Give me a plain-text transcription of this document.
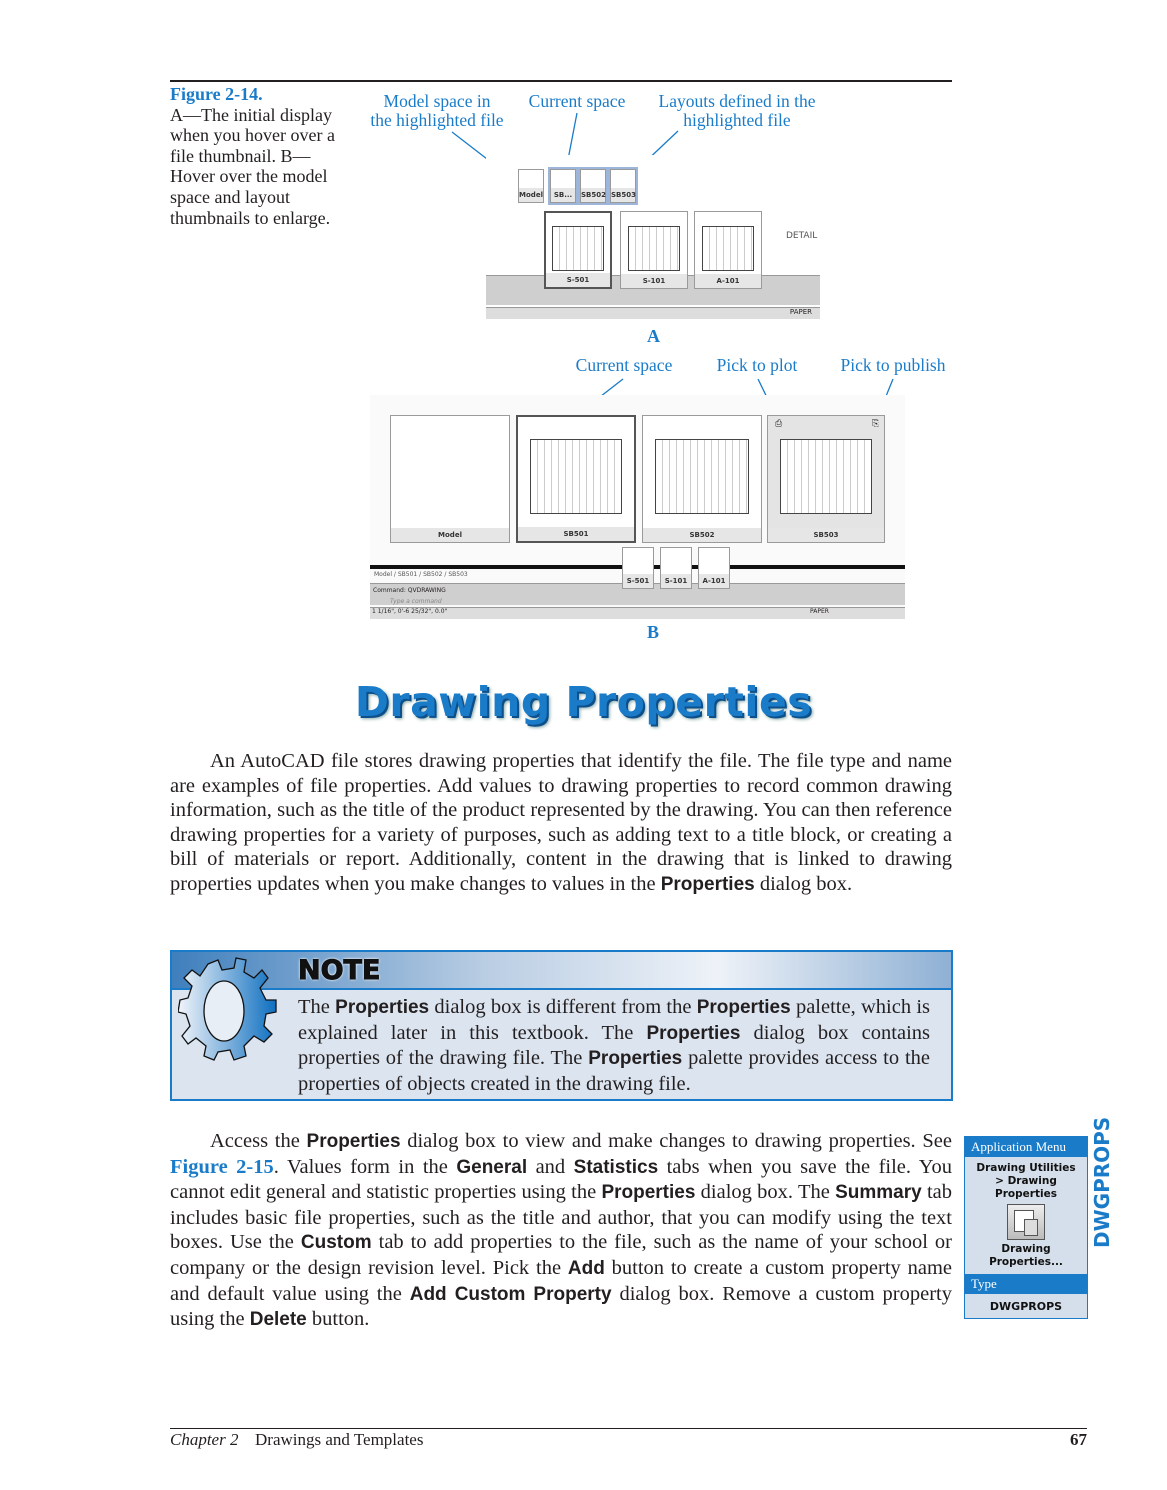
Figure 2-14.
A—The initial display when you hover over a file thumbnail. B—Hover over the model space and layout thumbnails to enlarge.
Model space in
the highlighted file
Current space	Layouts defined in the
highlighted file
Model	SB...	SB502 SB503
DETAIL
S-501	S-101	A-101
PAPER
A
Current space	Pick to plot	Pick to publish
Model	SB501	SB502	SB503
⎙	⎘
Model / SB501 / SB502 / SB503
Command: QVDRAWING
Type a command
S-501	S-101	A-101
1 1/16", 0'-6 25/32", 0.0"	PAPER
B
Drawing Properties
An AutoCAD file stores drawing properties that identify the file. The file type and name are examples of file properties. Add values to drawing properties to record common drawing information, such as the title of the product represented by the drawing. You can then reference drawing properties for a variety of purposes, such as adding text to a title block, or creating a bill of materials or report. Additionally, content in the drawing that is linked to drawing properties updates when you make changes to values in the Properties dialog box.
NOTE
The Properties dialog box is different from the Properties palette, which is explained later in this textbook. The Properties dialog box contains properties of the drawing file. The Properties palette provides access to the properties of objects created in the drawing file.
Access the Properties dialog box to view and make changes to drawing properties. See Figure 2-15. Values form in the General and Statistics tabs when you save the file. You cannot edit general and statistic properties using the Properties dialog box. The Summary tab includes basic file properties, such as the title and author, that you can modify using the text boxes. Use the Custom tab to add properties to the file, such as the name of your school or company or the design revision level. Pick the Add button to create a custom property name and default value using the Add Custom Property dialog box. Remove a custom property using the Delete button.
Application Menu
Drawing Utilities
> Drawing
Properties
Drawing
Properties...
Type
DWGPROPS
DWGPROPS
Chapter 2 Drawings and Templates	67
